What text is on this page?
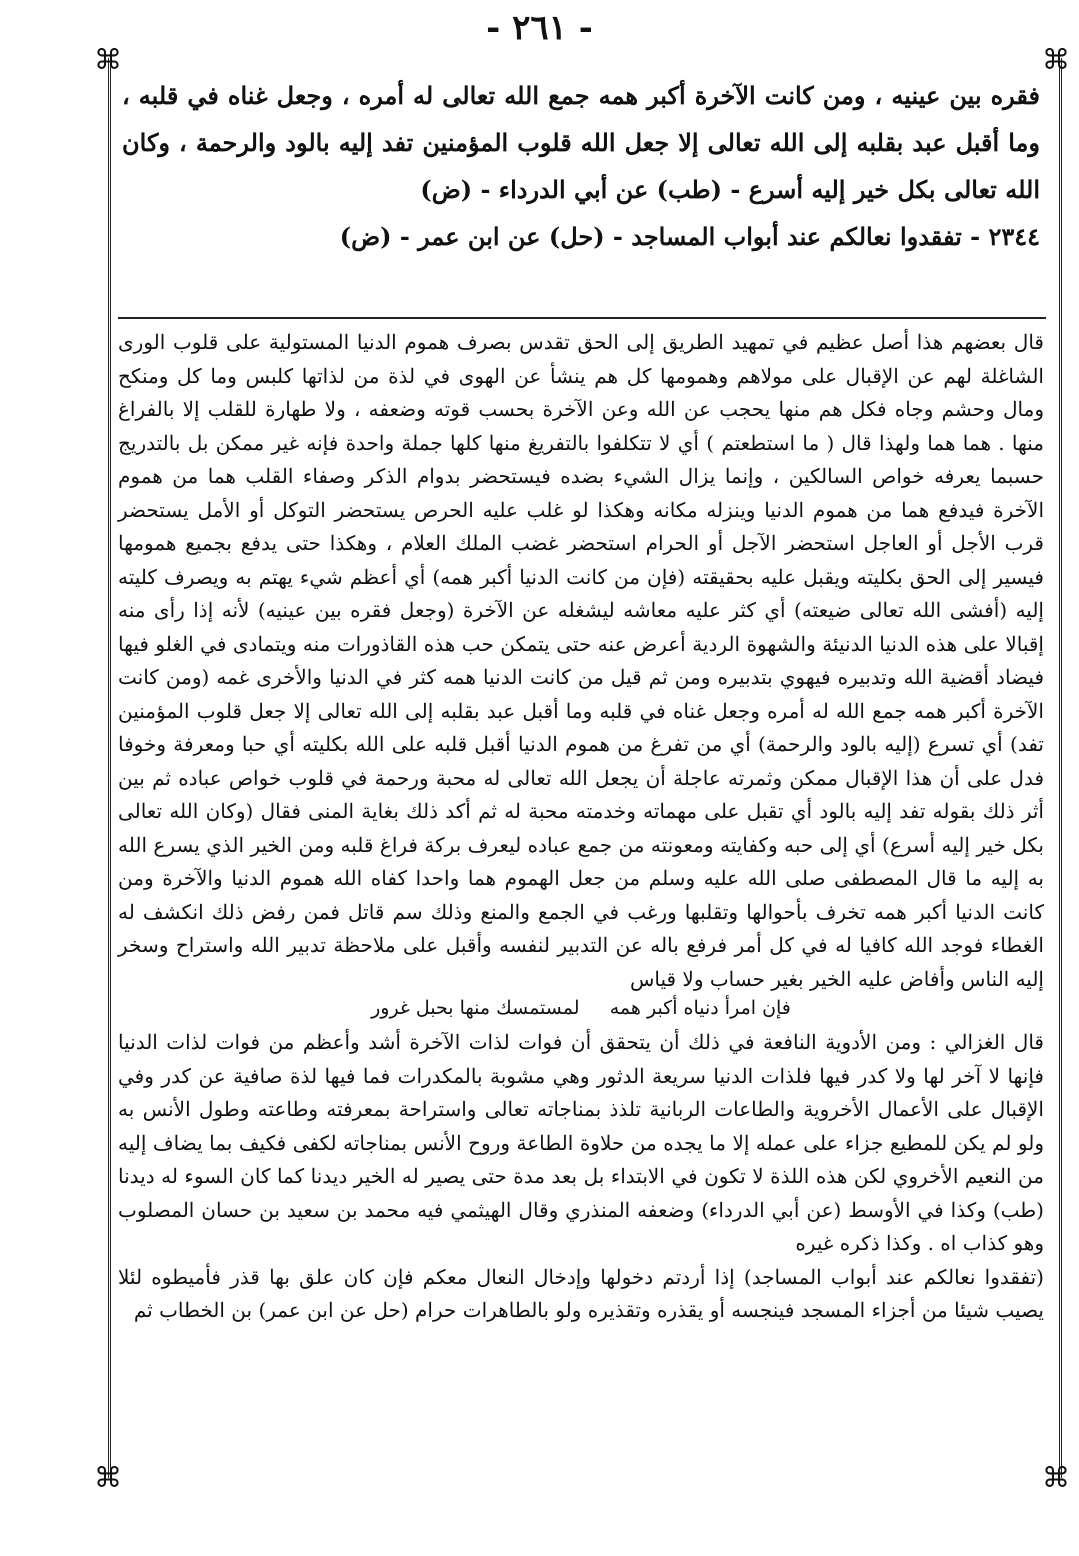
- ٢٦١ -
⌘	⌘
⌘	⌘

فقره بين عينيه ، ومن كانت الآخرة أكبر همه جمع الله تعالى له أمره ، وجعل غناه في قلبه ، وما أقبل عبد بقلبه إلى الله تعالى إلا جعل الله قلوب المؤمنين تفد إليه بالود والرحمة ، وكان الله تعالى بكل خير إليه أسرع - (طب) عن أبي الدرداء - (ض)

٢٣٤٤ - تفقدوا نعالكم عند أبواب المساجد - (حل) عن ابن عمر - (ض)

قال بعضهم هذا أصل عظيم في تمهيد الطريق إلى الحق تقدس بصرف هموم الدنيا المستولية على قلوب الورى الشاغلة لهم عن الإقبال على مولاهم وهمومها كل هم ينشأ عن الهوى في لذة من لذاتها كلبس وما كل ومنكح ومال وحشم وجاه فكل هم منها يحجب عن الله وعن الآخرة بحسب قوته وضعفه ، ولا طهارة للقلب إلا بالفراغ منها . هما هما ولهذا قال ( ما استطعتم ) أي لا تتكلفوا بالتفريغ منها كلها جملة واحدة فإنه غير ممكن بل بالتدريج حسبما يعرفه خواص السالكين ، وإنما يزال الشيء بضده فيستحضر بدوام الذكر وصفاء القلب هما من هموم الآخرة فيدفع هما من هموم الدنيا وينزله مكانه وهكذا لو غلب عليه الحرص يستحضر التوكل أو الأمل يستحضر قرب الأجل أو العاجل استحضر الآجل أو الحرام استحضر غضب الملك العلام ، وهكذا حتى يدفع بجميع همومها فيسير إلى الحق بكليته ويقبل عليه بحقيقته (فإن من كانت الدنيا أكبر همه) أي أعظم شيء يهتم به ويصرف كليته إليه (أفشى الله تعالى ضيعته) أي كثر عليه معاشه ليشغله عن الآخرة (وجعل فقره بين عينيه) لأنه إذا رأى منه إقبالا على هذه الدنيا الدنيئة والشهوة الردية أعرض عنه حتى يتمكن حب هذه القاذورات منه ويتمادى في الغلو فيها فيضاد أقضية الله وتدبيره فيهوي بتدبيره ومن ثم قيل من كانت الدنيا همه كثر في الدنيا والأخرى غمه (ومن كانت الآخرة أكبر همه جمع الله له أمره وجعل غناه في قلبه وما أقبل عبد بقلبه إلى الله تعالى إلا جعل قلوب المؤمنين تفد) أي تسرع (إليه بالود والرحمة) أي من تفرغ من هموم الدنيا أقبل قلبه على الله بكليته أي حبا ومعرفة وخوفا فدل على أن هذا الإقبال ممكن وثمرته عاجلة أن يجعل الله تعالى له محبة ورحمة في قلوب خواص عباده ثم بين أثر ذلك بقوله تفد إليه بالود أي تقبل على مهماته وخدمته محبة له ثم أكد ذلك بغاية المنى فقال (وكان الله تعالى بكل خير إليه أسرع) أي إلى حبه وكفايته ومعونته من جمع عباده ليعرف بركة فراغ قلبه ومن الخير الذي يسرع الله به إليه ما قال المصطفى صلى الله عليه وسلم من جعل الهموم هما واحدا كفاه الله هموم الدنيا والآخرة ومن كانت الدنيا أكبر همه تخرف بأحوالها وتقلبها ورغب في الجمع والمنع وذلك سم قاتل فمن رفض ذلك انكشف له الغطاء فوجد الله كافيا له في كل أمر فرفع باله عن التدبير لنفسه وأقبل على ملاحظة تدبير الله واستراح وسخر إليه الناس وأفاض عليه الخير بغير حساب ولا قياس

فإن امرأ دنياه أكبر همه     لمستمسك منها بحبل غرور

قال الغزالي : ومن الأدوية النافعة في ذلك أن يتحقق أن فوات لذات الآخرة أشد وأعظم من فوات لذات الدنيا فإنها لا آخر لها ولا كدر فيها فلذات الدنيا سريعة الدثور وهي مشوبة بالمكدرات فما فيها لذة صافية عن كدر وفي الإقبال على الأعمال الأخروية والطاعات الربانية تلذذ بمناجاته تعالى واستراحة بمعرفته وطاعته وطول الأنس به ولو لم يكن للمطيع جزاء على عمله إلا ما يجده من حلاوة الطاعة وروح الأنس بمناجاته لكفى فكيف بما يضاف إليه من النعيم الأخروي لكن هذه اللذة لا تكون في الابتداء بل بعد مدة حتى يصير له الخير ديدنا كما كان السوء له ديدنا (طب) وكذا في الأوسط (عن أبي الدرداء) وضعفه المنذري وقال الهيثمي فيه محمد بن سعيد بن حسان المصلوب وهو كذاب اه . وكذا ذكره غيره

(تفقدوا نعالكم عند أبواب المساجد) إذا أردتم دخولها وإدخال النعال معكم فإن كان علق بها قذر فأميطوه لئلا يصيب شيئا من أجزاء المسجد فينجسه أو يقذره وتقذيره ولو بالطاهرات حرام (حل عن ابن عمر) بن الخطاب ثم
